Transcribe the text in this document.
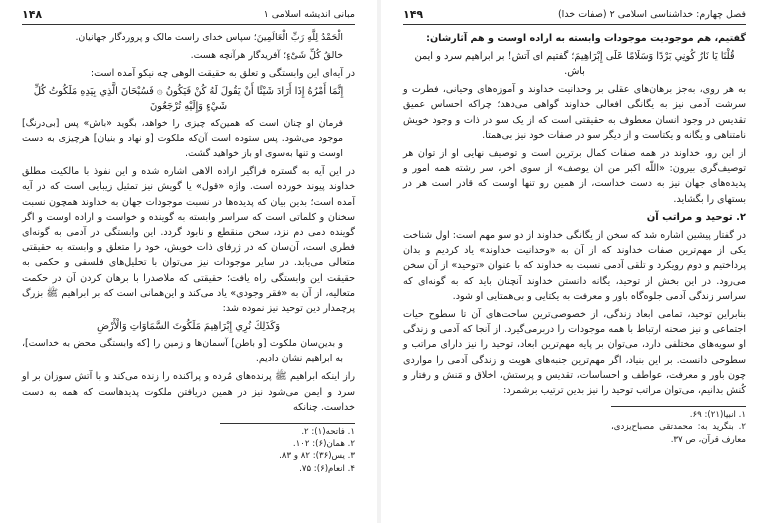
مبانی اندیشه اسلامی ۱
۱۴۸

الْحَمْدُ لِلَّهِ رَبِّ الْعَالَمِینَ؛ سپاس خدای راست مالک و پروردگار جهانیان.

خالقُ كُلِّ شَیْءٍ؛ آفریدگار هرآنچه هست.

در آیه‌ای این وابستگی و تعلق به حقیقت الوهی چه نیکو آمده است:

إِنَّمَا أَمْرُهُ إِذَا أَرَادَ شَيْئًا أَنْ يَقُولَ لَهُ كُنْ فَيَكُونُ ۞ فَسُبْحَانَ الَّذِي بِيَدِهِ مَلَكُوتُ كُلِّ شَيْءٍ وَإِلَيْهِ تُرْجَعُونَ

فرمان او چنان است که همین‌که چیزی را خواهد، بگوید «باش» پس [بی‌درنگ] موجود می‌شود. پس ستوده است آن‌که ملکوت [و نهاد و بنیان] هرچیزی به دست اوست و تنها به‌سوی او باز خواهید گشت.

در این آیه به گستره فراگیر اراده الاهی اشاره شده و این نفوذ با مالکیت مطلق خداوند پیوند خورده است. واژه «قول» یا گویش نیز تمثیل زیبایی است که در آیه آمده است؛ بدین بیان که پدیده‌ها در نسبت موجودات جهان به خداوند همچون نسبت سخنان و کلماتی است که سراسر وابسته به گوینده و خواست و اراده اوست و اگر گوینده دمی دم نزد، سخن منقطع و نابود گردد. این وابستگی در آدمی به گونه‌ای فطری است، آن‌سان که در ژرفای ذات خویش، خود را متعلق و وابسته به حقیقتی متعالی می‌یابد. در سایر موجودات نیز می‌توان با تحلیل‌های فلسفی و حکمی به حقیقت این وابستگی راه یافت؛ حقیقتی که ملاصدرا با برهان کردن آن در حکمت متعالیه، از آن به «فقر وجودی» یاد می‌کند و این‌همانی است که بر ابراهیم ﷺ بزرگ پرچمدار دین توحید نیز نموده شد:

وَكَذَلِكَ نُرِي إِبْرَاهِيمَ مَلَكُوتَ السَّمَاوَاتِ وَالْأَرْضِ

و بدین‌سان ملکوت [و باطن] آسمان‌ها و زمین را [که وابستگی محض به خداست]، به ابراهیم نشان دادیم.

راز اینکه ابراهیم ﷺ پرنده‌های مُرده و پراکنده را زنده می‌کند و با آتش سوزان بر او سرد و ایمن می‌شود نیز در همین دریافتن ملکوت پدیدهاست که همه به دست خداست. چنانکه

۱. فاتحه(۱): ۲.

۲. همان(۶): ۱۰۲.

۳. یس(۳۶): ۸۲ و ۸۳.

۴. انعام(۶): ۷۵.

فصل چهارم: خداشناسی اسلامی ۲ (صفات خدا)
۱۴۹

گفتیم، هم موجودیت موجودات وابسته به اراده اوست و هم آثارشان:

قُلْنَا يَا نَارُ كُونِي بَرْدًا وَسَلَامًا عَلَى إِبْرَاهِيمَ؛ گفتیم ای آتش! بر ابراهیم سرد و ایمن باش.

به هر روی، به‌جز برهان‌های عقلی بر وحدانیت خداوند و آموزه‌های وحیانی، فطرت و سرشت آدمی نیز به یگانگی افعالی خداوند گواهی می‌دهد؛ چراکه احساس عمیق تقدیس در وجود انسان معطوف به حقیقتی است که از یک سو در ذات و وجود خویش نامتناهی و یگانه و یکتاست و از دیگر سو در صفات خود نیز بی‌همتا.

از این رو، خداوند در همه صفات کمال برترین است و توصیف نهایی او از توان هر توصیف‌گری بیرون: «اللّه اکبر من ان یوصف» از سوی اخر، سر رشته همه امور و پدیده‌های جهان نیز به دست خداست، از همین رو تنها اوست که قادر است هر در بستهای را بگشاید.

۲. توحید و مراتب آن

در گفتار پیشین اشاره شد که سخن از یگانگی خداوند از دو سو مهم است: اول شناخت یکی از مهم‌ترین صفات خداوند که از آن به «وحدانیت خداوند» یاد کردیم و بدان پرداختیم و دوم رویکرد و تلقی آدمی نسبت به خداوند که با عنوان «توحید» از آن سخن می‌رود. در این بخش از توحید، یگانه دانستن خداوند آنچنان باید که به گونه‌ای که سراسر زندگی آدمی جلوه‌گاه باور و معرفت به یکتایی و بی‌همتایی او شود.

بنابراین توحید، تمامی ابعاد زندگی، از خصوصی‌ترین ساحت‌های آن تا سطوح حیات اجتماعی و نیز صحنه ارتباط با همه موجودات را دربرمی‌گیرد. از آنجا که آدمی و زندگی او سویه‌های مختلفی دارد، می‌توان بر پایه مهم‌ترین ابعاد، توحید را نیز دارای مراتب و سطوحی دانست. بر این بنیاد، اگر مهم‌ترین جنبه‌های هویت و زندگی آدمی را مواردی چون باور و معرفت، عواطف و احساسات، تقدیس و پرستش، اخلاق و مَنش و رفتار و کُنش بدانیم، می‌توان مراتب توحید را نیز بدین ترتیب برشمرد:

۱. انبیا(۲۱): ۶۹.

۲. بنگرید به: محمدتقی مصباح‌یزدی، معارف قرآن، ص ۳۷.
